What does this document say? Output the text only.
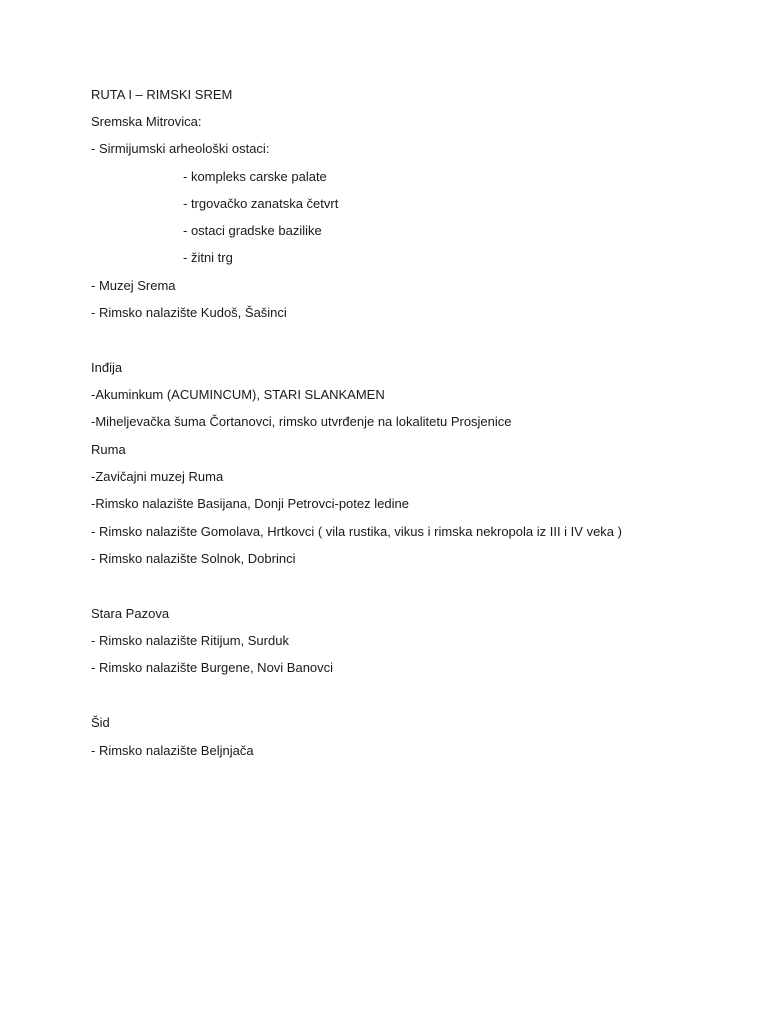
RUTA I – RIMSKI SREM
Sremska Mitrovica:
- Sirmijumski arheološki ostaci:
- kompleks carske palate
- trgovačko zanatska četvrt
- ostaci gradske bazilike
- žitni trg
- Muzej Srema
- Rimsko nalazište Kudoš, Šašinci
Inđija
-Akuminkum (ACUMINCUM), STARI SLANKAMEN
-Miheljevačka šuma Čortanovci, rimsko utvrđenje na lokalitetu Prosjenice
Ruma
-Zavičajni muzej Ruma
-Rimsko nalazište Basijana, Donji Petrovci-potez ledine
- Rimsko nalazište Gomolava, Hrtkovci ( vila rustika, vikus i rimska nekropola iz III i IV veka )
- Rimsko nalazište Solnok, Dobrinci
Stara Pazova
- Rimsko nalazište Ritijum, Surduk
- Rimsko nalazište Burgene, Novi Banovci
Šid
- Rimsko nalazište Beljnjača
